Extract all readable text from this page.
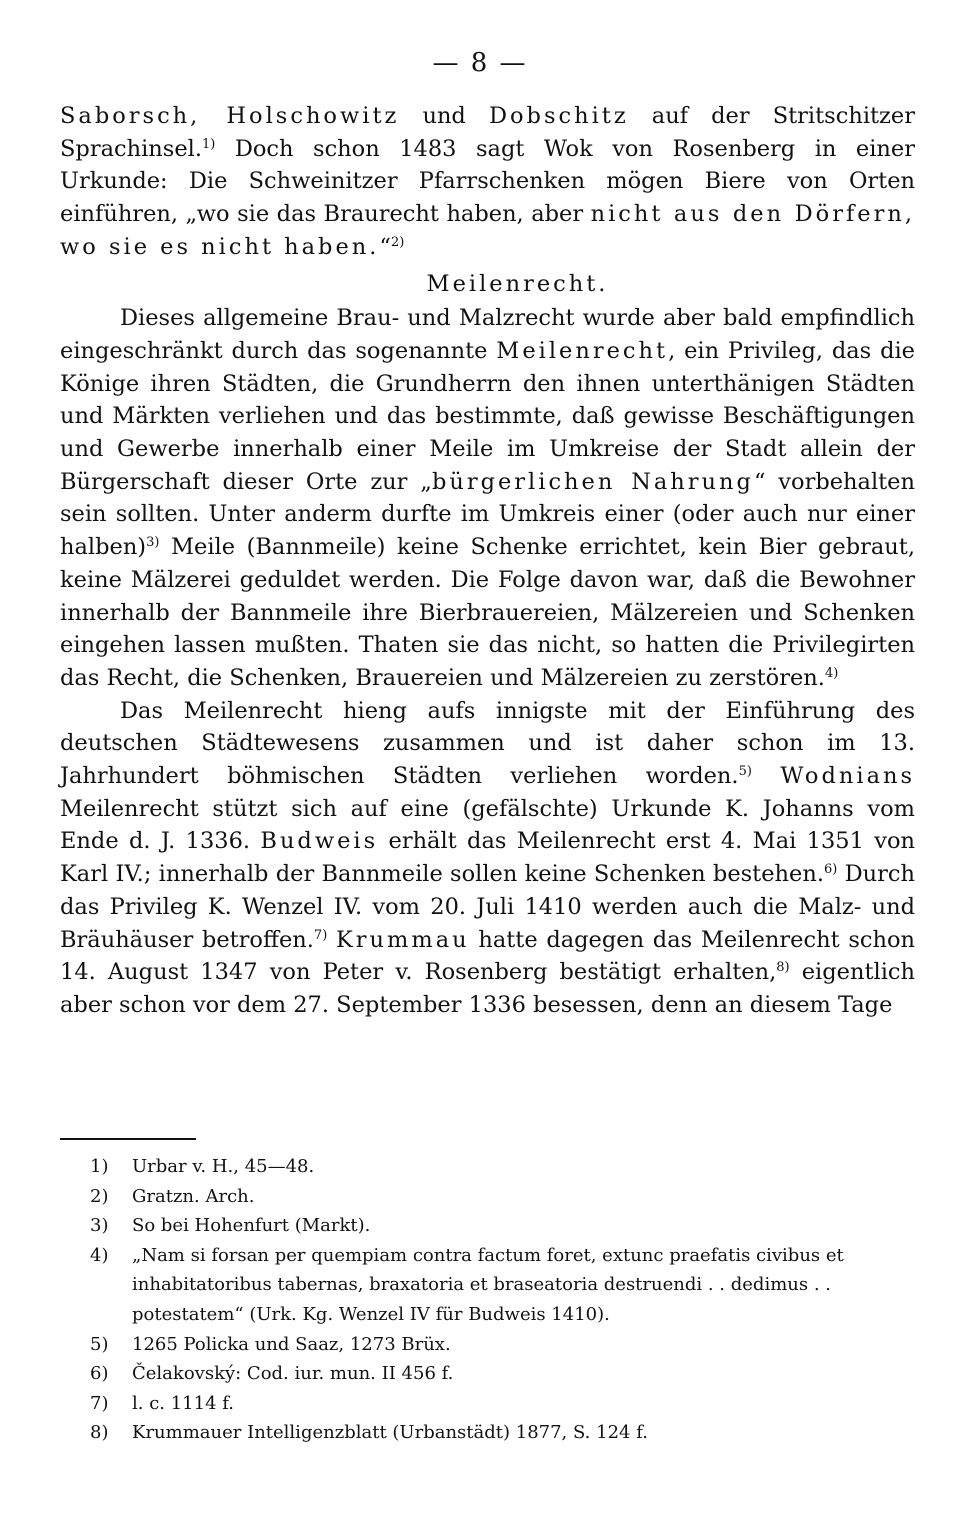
— 8 —

Saborsch, Holschowitz und Dobschitz auf der Stritschitzer Sprachinsel.$^{1)}$ Doch schon 1483 sagt Wok von Rosenberg in einer Urkunde: Die Schweinitzer Pfarrschenken mögen Biere von Orten einführen, „wo sie das Braurecht haben, aber nicht aus den Dörfern, wo sie es nicht haben.“$^{2)}$

Meilenrecht.

Dieses allgemeine Brau- und Malzrecht wurde aber bald empfindlich eingeschränkt durch das sogenannte Meilenrecht, ein Privileg, das die Könige ihren Städten, die Grundherrn den ihnen unterthänigen Städten und Märkten verliehen und das bestimmte, daß gewisse Beschäftigungen und Gewerbe innerhalb einer Meile im Umkreise der Stadt allein der Bürgerschaft dieser Orte zur „bürgerlichen Nahrung“ vorbehalten sein sollten. Unter anderm durfte im Umkreis einer (oder auch nur einer halben)$^{3)}$ Meile (Bannmeile) keine Schenke errichtet, kein Bier gebraut, keine Mälzerei geduldet werden. Die Folge davon war, daß die Bewohner innerhalb der Bannmeile ihre Bierbrauereien, Mälzereien und Schenken eingehen lassen mußten. Thaten sie das nicht, so hatten die Privilegirten das Recht, die Schenken, Brauereien und Mälzereien zu zerstören.$^{4)}$

Das Meilenrecht hieng aufs innigste mit der Einführung des deutschen Städtewesens zusammen und ist daher schon im 13. Jahrhundert böhmischen Städten verliehen worden.$^{5)}$ Wodnians Meilenrecht stützt sich auf eine (gefälschte) Urkunde K. Johanns vom Ende d. J. 1336. Budweis erhält das Meilenrecht erst 4. Mai 1351 von Karl IV.; innerhalb der Bannmeile sollen keine Schenken bestehen.$^{6)}$ Durch das Privileg K. Wenzel IV. vom 20. Juli 1410 werden auch die Malz- und Bräuhäuser betroffen.$^{7)}$ Krummau hatte dagegen das Meilenrecht schon 14. August 1347 von Peter v. Rosenberg bestätigt erhalten,$^{8)}$ eigentlich aber schon vor dem 27. September 1336 besessen, denn an diesem Tage

1) Urbar v. H., 45—48.
2) Gratzn. Arch.
3) So bei Hohenfurt (Markt).
4) „Nam si forsan per quempiam contra factum foret, extunc praefatis civibus et inhabitatoribus tabernas, braxatoria et braseatoria destruendi . . dedimus . . potestatem“ (Urk. Kg. Wenzel IV für Budweis 1410).
5) 1265 Policka und Saaz, 1273 Brüx.
6) Čelakovský: Cod. iur. mun. II 456 f.
7) l. c. 1114 f.
8) Krummauer Intelligenzblatt (Urbanstädt) 1877, S. 124 f.
